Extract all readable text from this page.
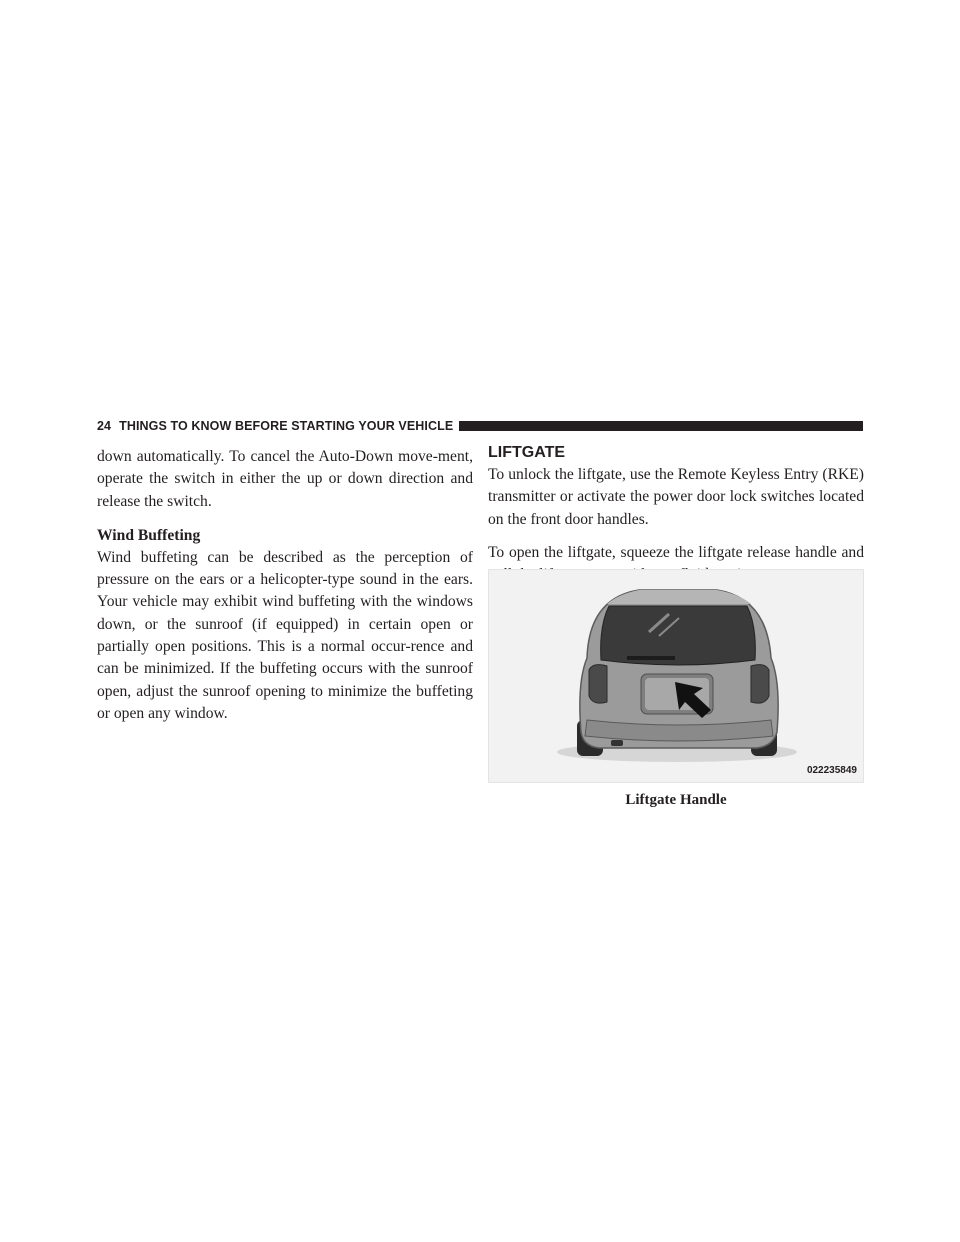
24 THINGS TO KNOW BEFORE STARTING YOUR VEHICLE

down automatically. To cancel the Auto-Down move-ment, operate the switch in either the up or down direction and release the switch.

Wind Buffeting

Wind buffeting can be described as the perception of pressure on the ears or a helicopter-type sound in the ears. Your vehicle may exhibit wind buffeting with the windows down, or the sunroof (if equipped) in certain open or partially open positions. This is a normal occur-rence and can be minimized. If the buffeting occurs with the sunroof open, adjust the sunroof opening to minimize the buffeting or open any window.

LIFTGATE

To unlock the liftgate, use the Remote Keyless Entry (RKE) transmitter or activate the power door lock switches located on the front door handles.

To open the liftgate, squeeze the liftgate release handle and

022235849
Liftgate Handle
